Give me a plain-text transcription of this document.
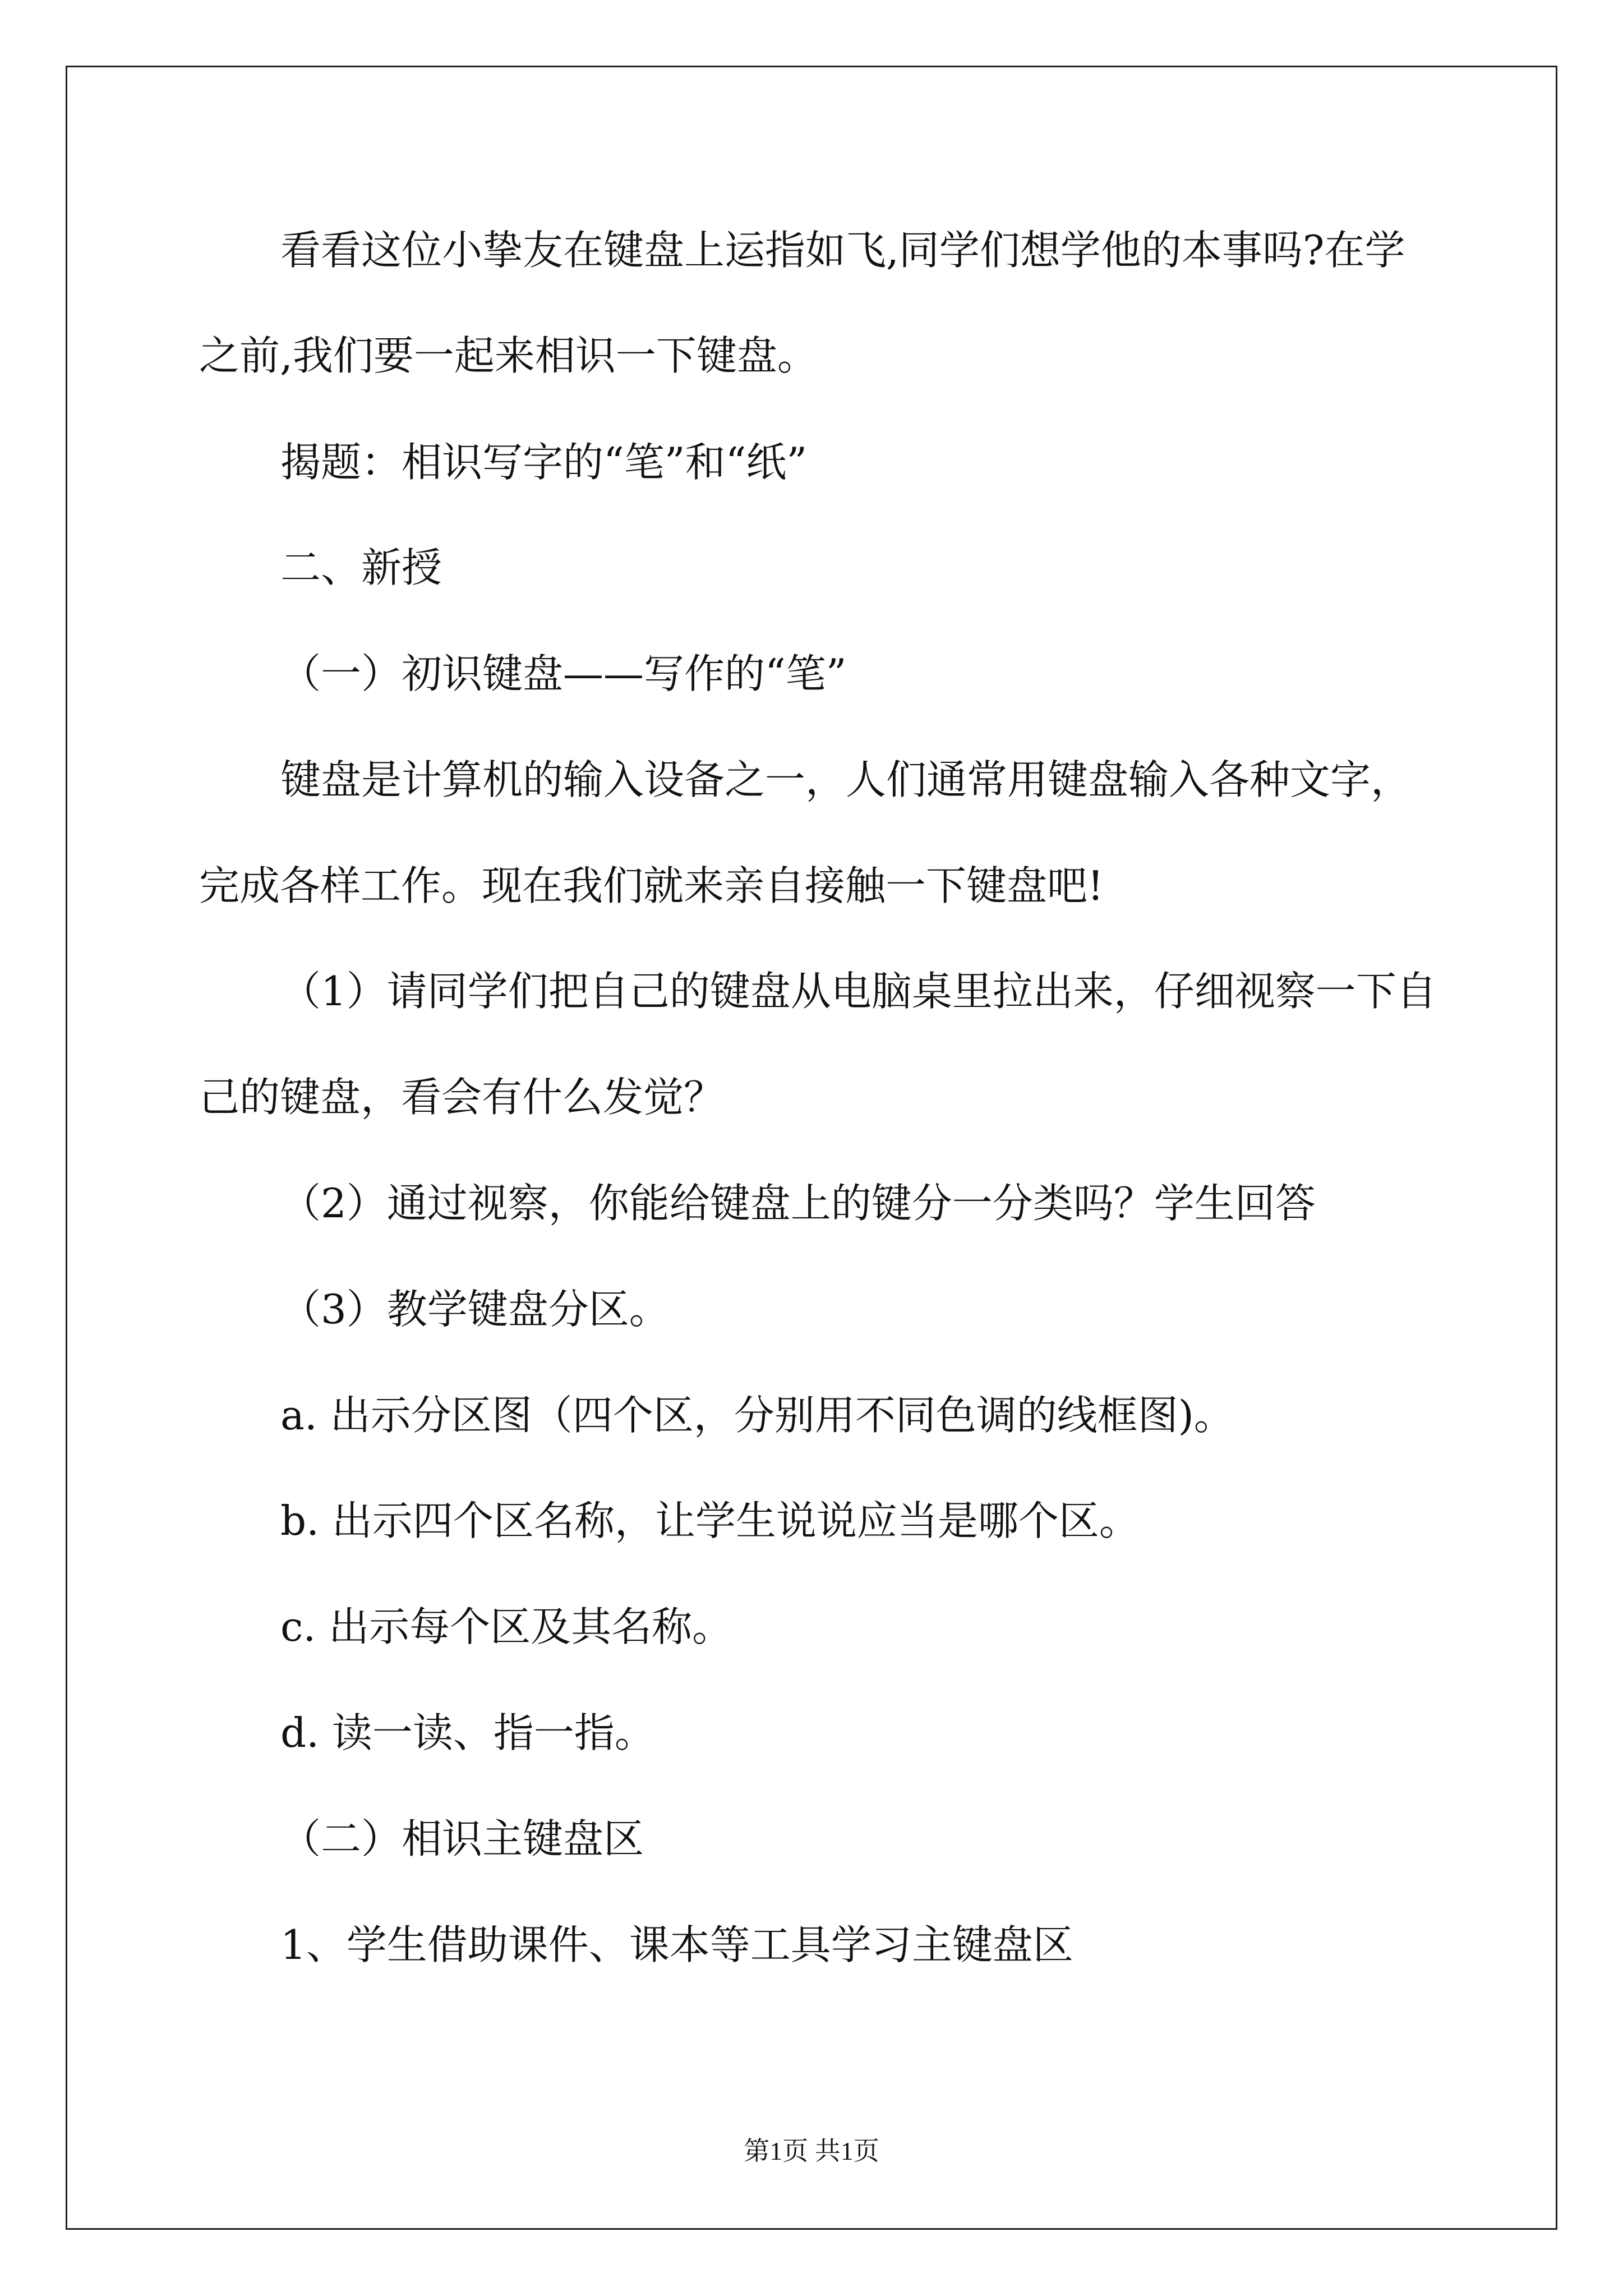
看看这位小挚友在键盘上运指如飞,同学们想学他的本事吗?在学
之前,我们要一起来相识一下键盘。
揭题：相识写字的“笔”和“纸”
二、新授
（一）初识键盘——写作的“笔”
键盘是计算机的输入设备之一，人们通常用键盘输入各种文字，
完成各样工作。现在我们就来亲自接触一下键盘吧!
（1）请同学们把自己的键盘从电脑桌里拉出来，仔细视察一下自
己的键盘，看会有什么发觉？
（2）通过视察，你能给键盘上的键分一分类吗？学生回答
（3）教学键盘分区。
a. 出示分区图（四个区，分别用不同色调的线框图)。
b. 出示四个区名称，让学生说说应当是哪个区。
c. 出示每个区及其名称。
d. 读一读、指一指。
（二）相识主键盘区
1、学生借助课件、课本等工具学习主键盘区
第1页 共1页
